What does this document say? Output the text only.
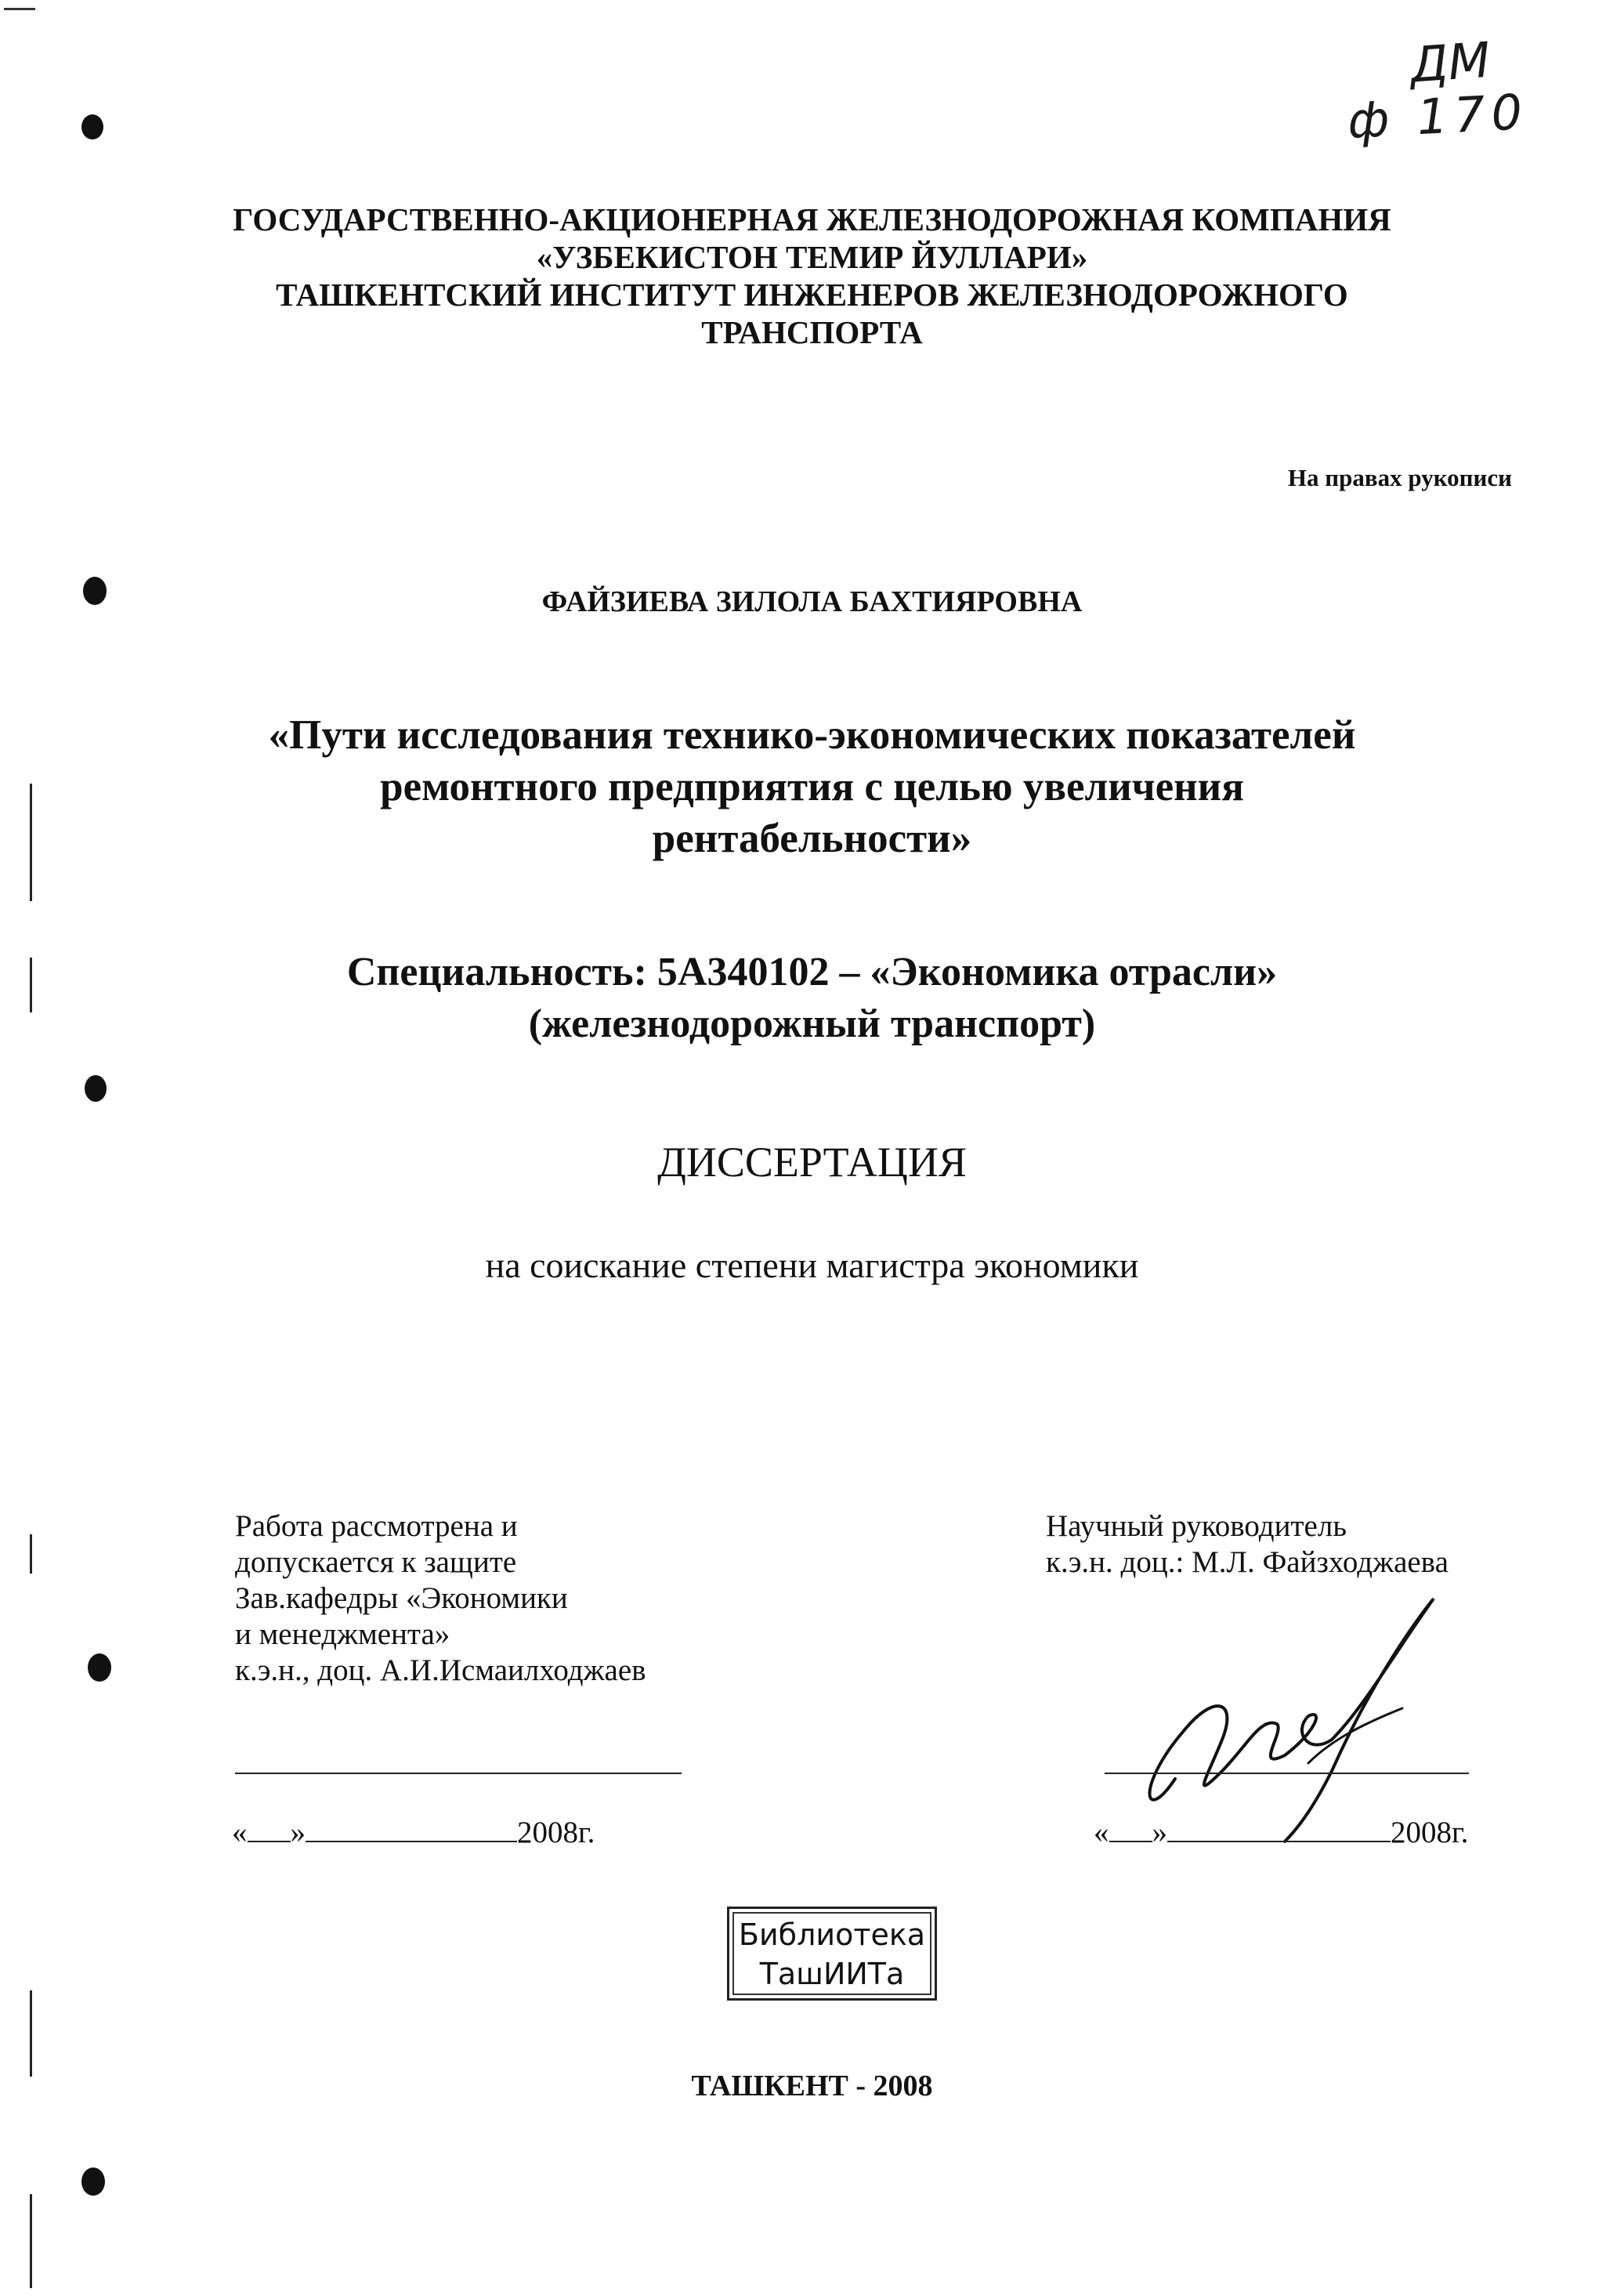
ДМ
ф 170
ГОСУДАРСТВЕННО-АКЦИОНЕРНАЯ ЖЕЛЕЗНОДОРОЖНАЯ КОМПАНИЯ
«УЗБЕКИСТОН ТЕМИР ЙУЛЛАРИ»
ТАШКЕНТСКИЙ ИНСТИТУТ ИНЖЕНЕРОВ ЖЕЛЕЗНОДОРОЖНОГО
ТРАНСПОРТА
На правах рукописи
ФАЙЗИЕВА ЗИЛОЛА БАХТИЯРОВНА
«Пути исследования технико-экономических показателей
ремонтного предприятия с целью увеличения
рентабельности»
Специальность: 5А340102 – «Экономика отрасли»
(железнодорожный транспорт)
ДИССЕРТАЦИЯ
на соискание степени магистра экономики
Работа рассмотрена и
допускается к защите
Зав.кафедры «Экономики
и менеджмента»
к.э.н., доц. А.И.Исмаилходжаев
« »	2008г.
Научный руководитель
к.э.н. доц.: М.Л. Файзходжаева
« »	2008г.
Библиотека
ТашИИТа
ТАШКЕНТ - 2008
